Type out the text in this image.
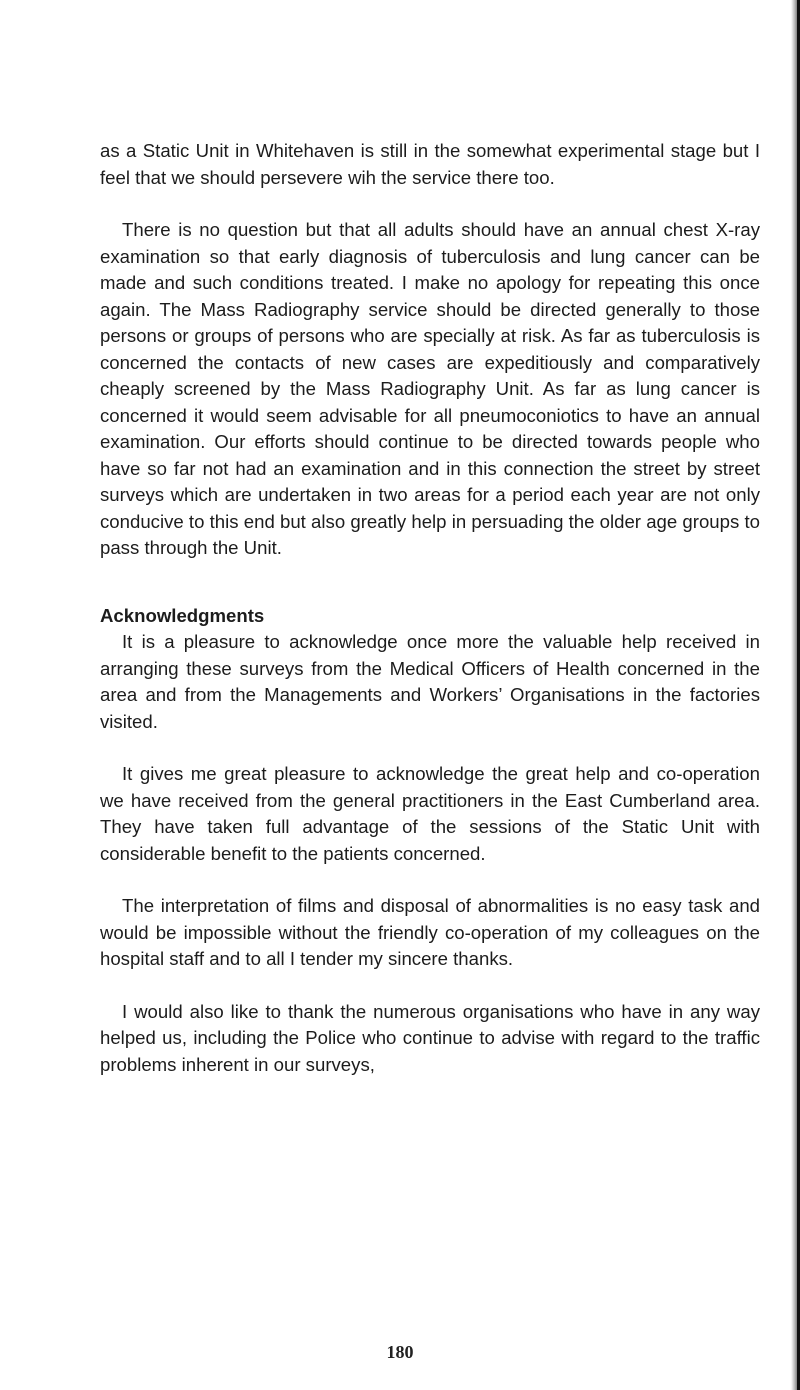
as a Static Unit in Whitehaven is still in the somewhat experimental stage but I feel that we should persevere wih the service there too.

There is no question but that all adults should have an annual chest X-ray examination so that early diagnosis of tuberculosis and lung cancer can be made and such conditions treated. I make no apology for repeating this once again. The Mass Radiography service should be directed generally to those persons or groups of persons who are specially at risk. As far as tuberculosis is concerned the contacts of new cases are expeditiously and comparatively cheaply screened by the Mass Radiography Unit. As far as lung cancer is concerned it would seem advisable for all pneumoconiotics to have an annual examination. Our efforts should continue to be directed towards people who have so far not had an examination and in this connection the street by street surveys which are undertaken in two areas for a period each year are not only conducive to this end but also greatly help in persuading the older age groups to pass through the Unit.

Acknowledgments

It is a pleasure to acknowledge once more the valuable help received in arranging these surveys from the Medical Officers of Health concerned in the area and from the Managements and Workers’ Organisations in the factories visited.

It gives me great pleasure to acknowledge the great help and co-operation we have received from the general practitioners in the East Cumberland area. They have taken full advantage of the sessions of the Static Unit with considerable benefit to the patients concerned.

The interpretation of films and disposal of abnormalities is no easy task and would be impossible without the friendly co-operation of my colleagues on the hospital staff and to all I tender my sincere thanks.

I would also like to thank the numerous organisations who have in any way helped us, including the Police who continue to advise with regard to the traffic problems inherent in our surveys,

180
